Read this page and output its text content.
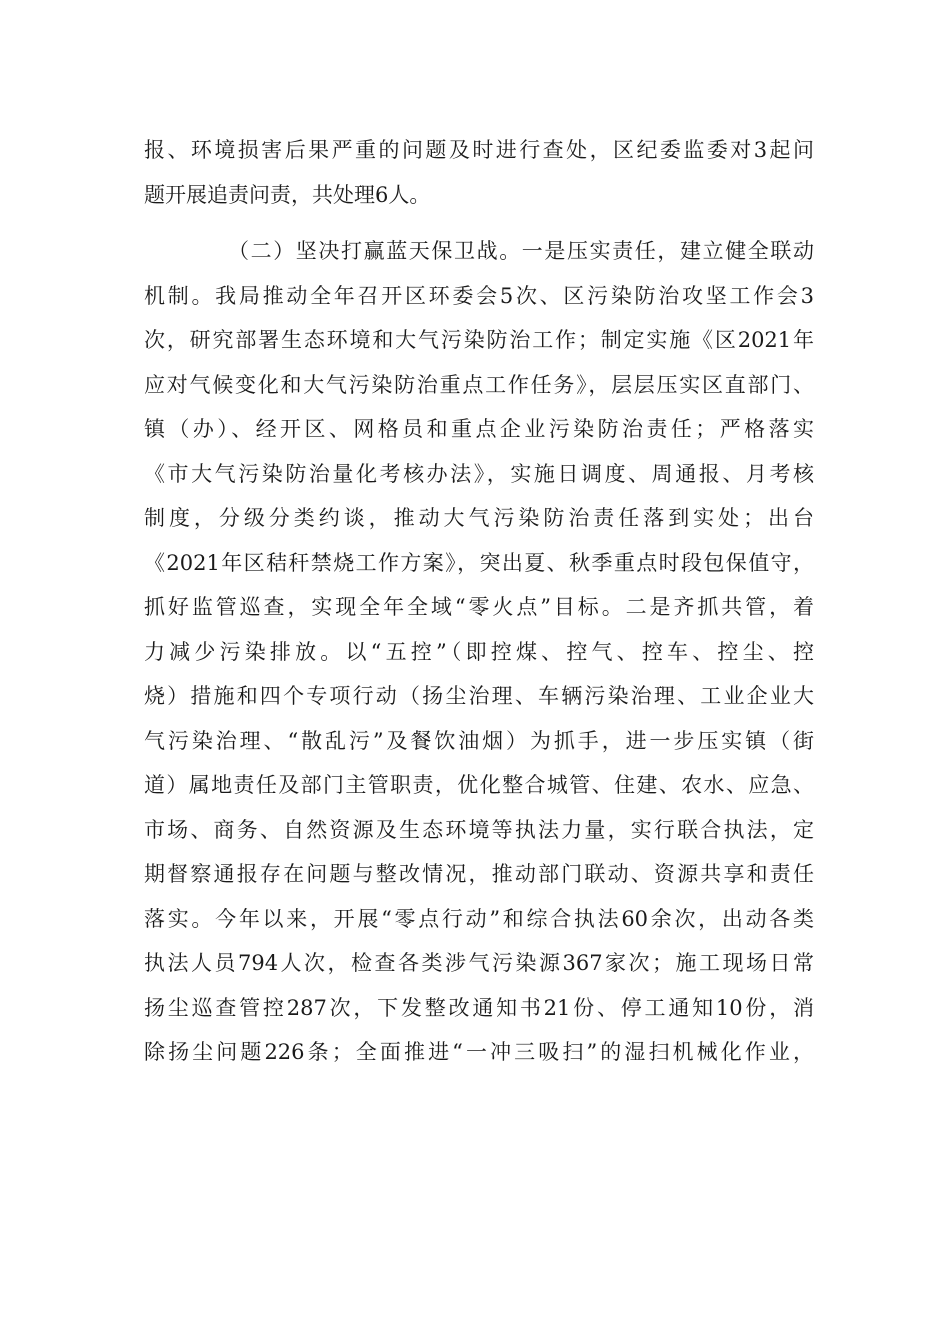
报、环境损害后果严重的问题及时进行查处，区纪委监委对3起问
题开展追责问责，共处理6人。
（二）坚决打赢蓝天保卫战。一是压实责任，建立健全联动
机制。我局推动全年召开区环委会5次、区污染防治攻坚工作会3
次，研究部署生态环境和大气污染防治工作；制定实施《区2021年
应对气候变化和大气污染防治重点工作任务》，层层压实区直部门、
镇（办）、经开区、网格员和重点企业污染防治责任；严格落实
《市大气污染防治量化考核办法》，实施日调度、周通报、月考核
制度，分级分类约谈，推动大气污染防治责任落到实处；出台
《2021年区秸秆禁烧工作方案》，突出夏、秋季重点时段包保值守，
抓好监管巡查，实现全年全域“零火点”目标。二是齐抓共管，着
力减少污染排放。以“五控”（即控煤、控气、控车、控尘、控
烧）措施和四个专项行动（扬尘治理、车辆污染治理、工业企业大
气污染治理、“散乱污”及餐饮油烟）为抓手，进一步压实镇（街
道）属地责任及部门主管职责，优化整合城管、住建、农水、应急、
市场、商务、自然资源及生态环境等执法力量，实行联合执法，定
期督察通报存在问题与整改情况，推动部门联动、资源共享和责任
落实。今年以来，开展“零点行动”和综合执法60余次，出动各类
执法人员794人次，检查各类涉气污染源367家次；施工现场日常
扬尘巡查管控287次，下发整改通知书21份、停工通知10份，消
除扬尘问题226条；全面推进“一冲三吸扫”的湿扫机械化作业，
